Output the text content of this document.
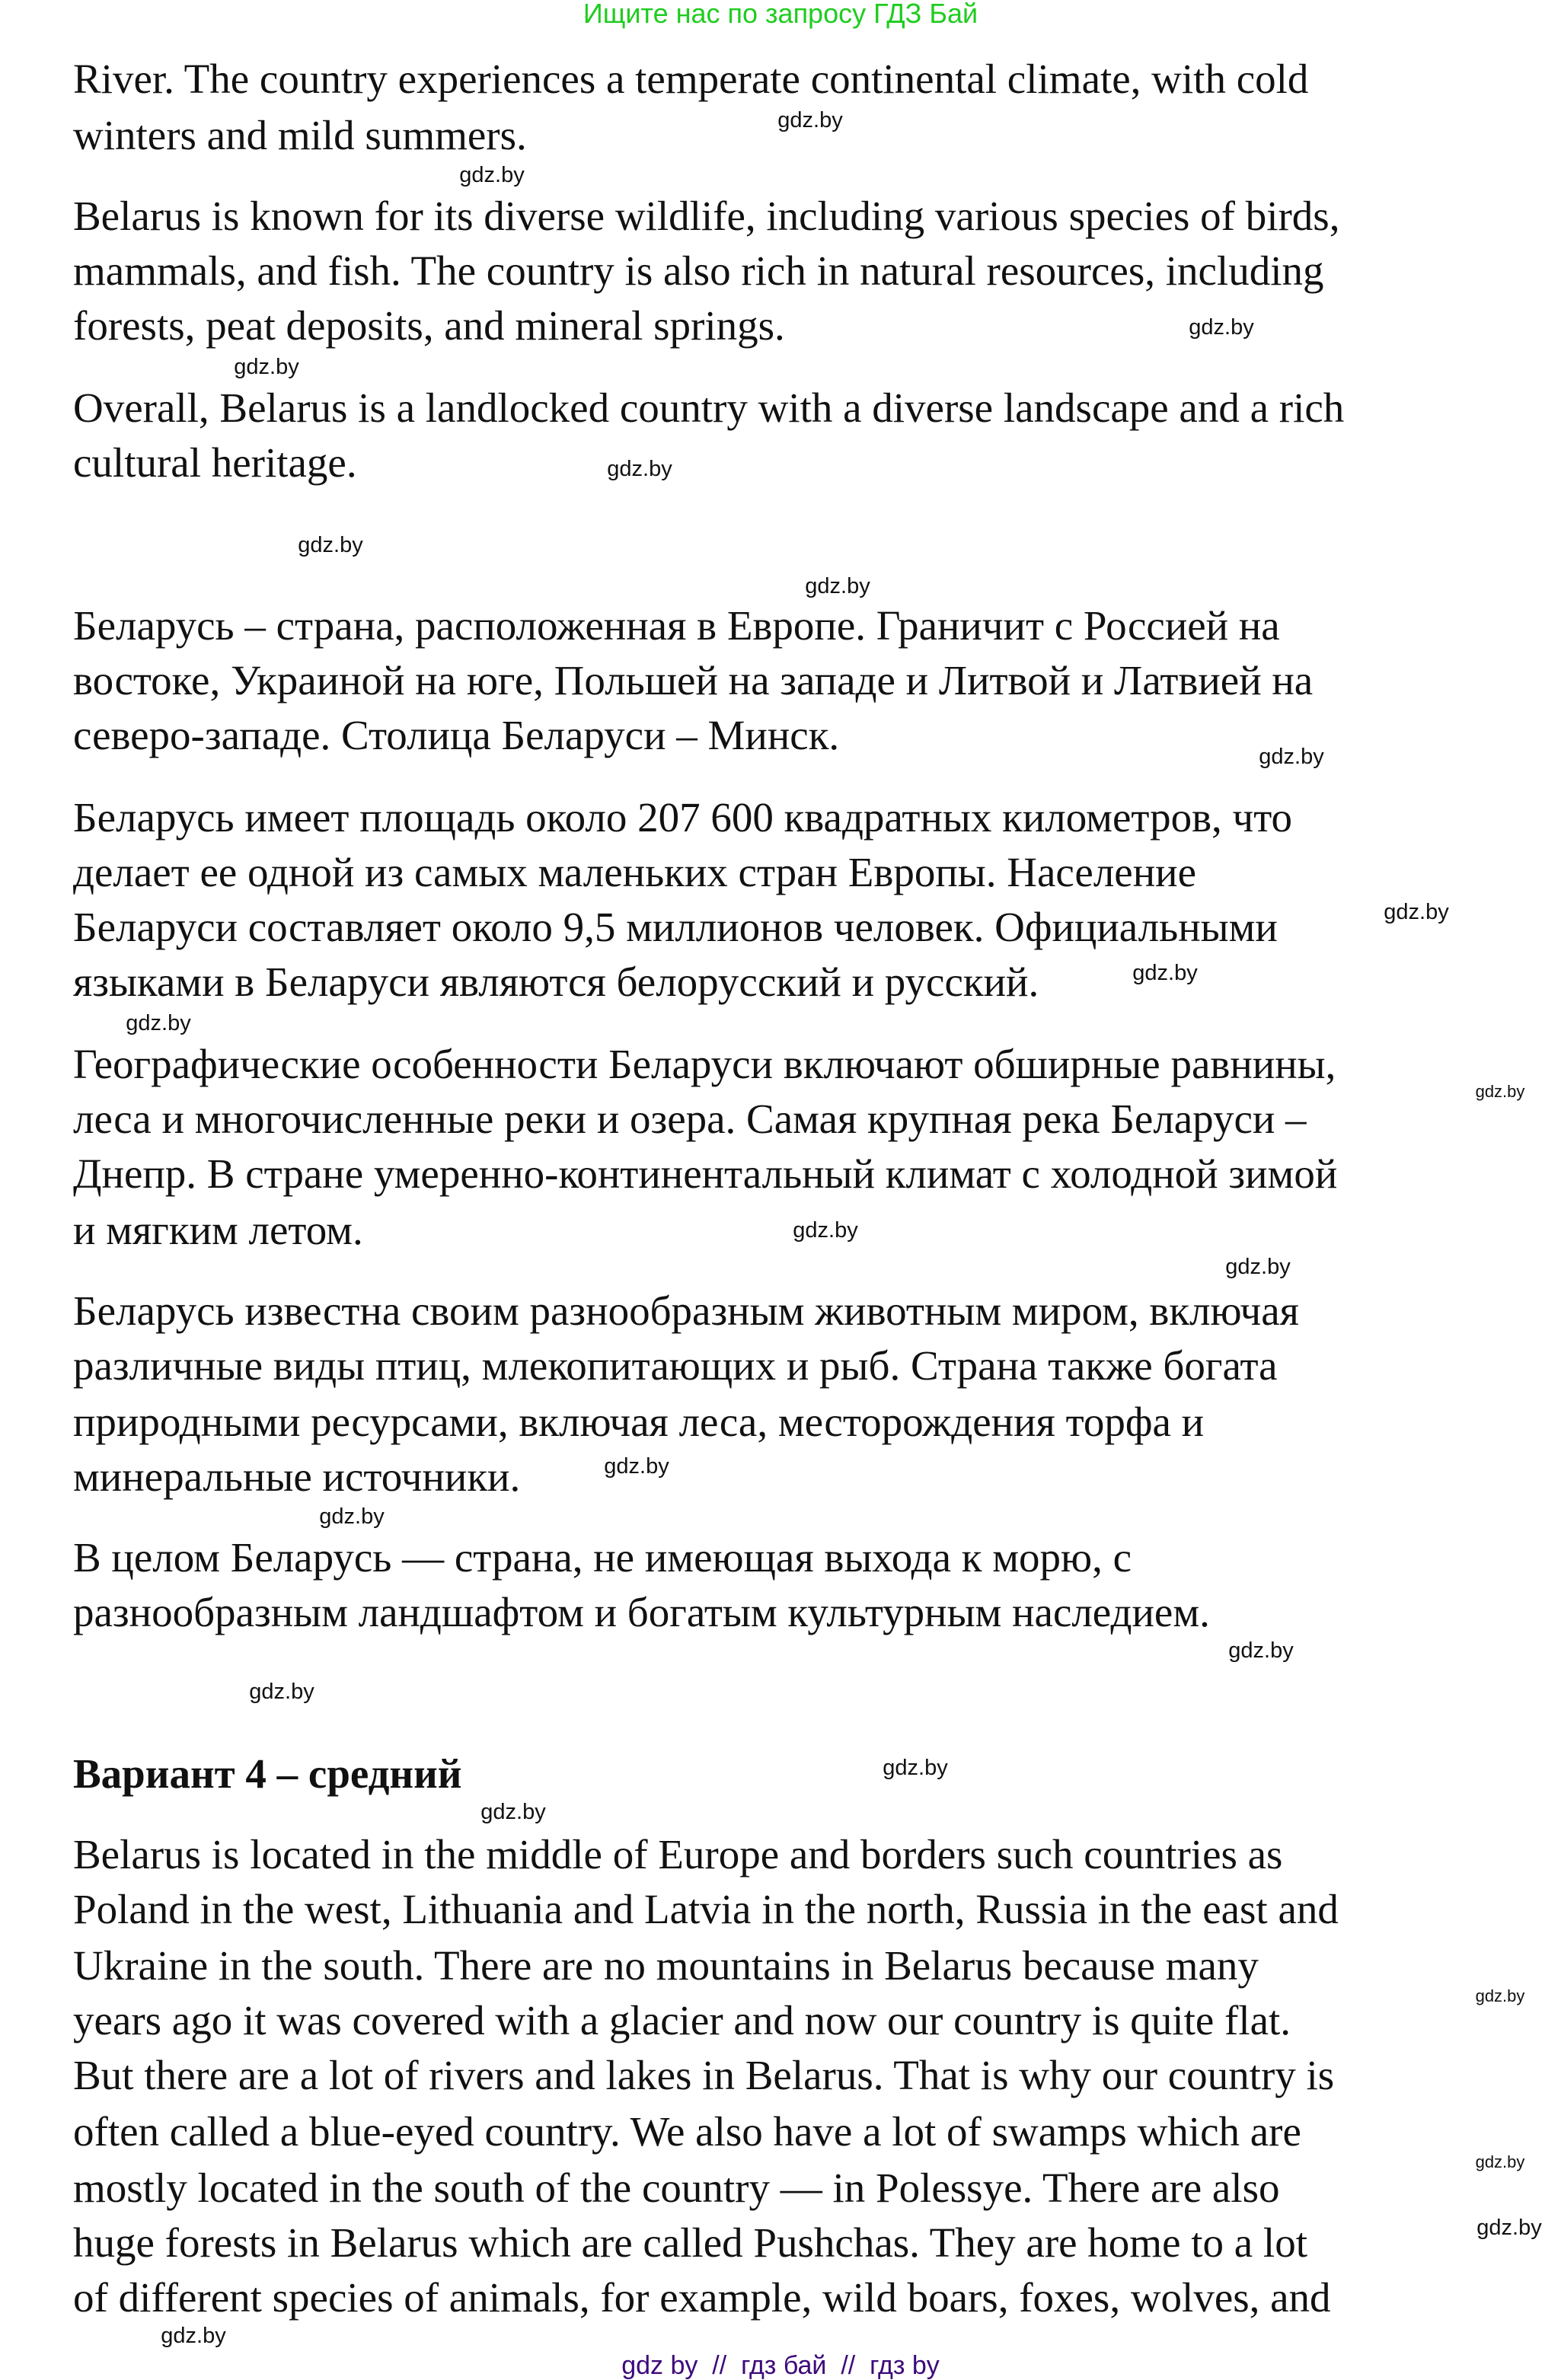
Ищите нас по запросу ГДЗ Бай
Вариант 4 – средний
River. The country experiences a temperate continental climate, with cold
winters and mild summers.
Belarus is known for its diverse wildlife, including various species of birds,
mammals, and fish. The country is also rich in natural resources, including
forests, peat deposits, and mineral springs.
Overall, Belarus is a landlocked country with a diverse landscape and a rich
cultural heritage.
Беларусь – страна, расположенная в Европе. Граничит с Россией на
востоке, Украиной на юге, Польшей на западе и Литвой и Латвией на
северо-западе. Столица Беларуси – Минск.
Беларусь имеет площадь около 207 600 квадратных километров, что
делает ее одной из самых маленьких стран Европы. Население
Беларуси составляет около 9,5 миллионов человек. Официальными
языками в Беларуси являются белорусский и русский.
Географические особенности Беларуси включают обширные равнины,
леса и многочисленные реки и озера. Самая крупная река Беларуси –
Днепр. В стране умеренно-континентальный климат с холодной зимой
и мягким летом.
Беларусь известна своим разнообразным животным миром, включая
различные виды птиц, млекопитающих и рыб. Страна также богата
природными ресурсами, включая леса, месторождения торфа и
минеральные источники.
В целом Беларусь — страна, не имеющая выхода к морю, с
разнообразным ландшафтом и богатым культурным наследием.
Belarus is located in the middle of Europe and borders such countries as
Poland in the west, Lithuania and Latvia in the north, Russia in the east and
Ukraine in the south. There are no mountains in Belarus because many
years ago it was covered with a glacier and now our country is quite flat.
But there are a lot of rivers and lakes in Belarus. That is why our country is
often called a blue-eyed country. We also have a lot of swamps which are
mostly located in the south of the country — in Polessye. There are also
huge forests in Belarus which are called Pushchas. They are home to a lot
of different species of animals, for example, wild boars, foxes, wolves, and
gdz by  //  гдз бай  //  гдз by
gdz.by
gdz.by
gdz.by
gdz.by
gdz.by
gdz.by
gdz.by
gdz.by
gdz.by
gdz.by
gdz.by
gdz.by
gdz.by
gdz.by
gdz.by
gdz.by
gdz.by
gdz.by
gdz.by
gdz.by
gdz.by
gdz.by
gdz.by
gdz.by
